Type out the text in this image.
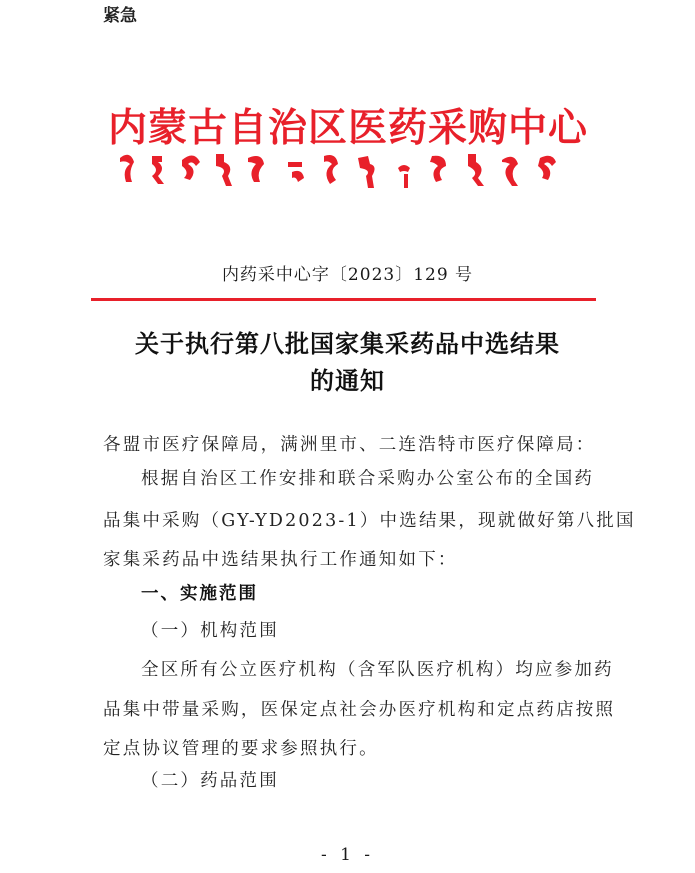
紧急
内蒙古自治区医药采购中心
内药采中心字〔2023〕129 号
关于执行第八批国家集采药品中选结果
的通知
各盟市医疗保障局，满洲里市、二连浩特市医疗保障局：
根据自治区工作安排和联合采购办公室公布的全国药
品集中采购（GY-YD2023-1）中选结果，现就做好第八批国
家集采药品中选结果执行工作通知如下：
一、实施范围
（一）机构范围
全区所有公立医疗机构（含军队医疗机构）均应参加药
品集中带量采购，医保定点社会办医疗机构和定点药店按照
定点协议管理的要求参照执行。
（二）药品范围
- 1 -
